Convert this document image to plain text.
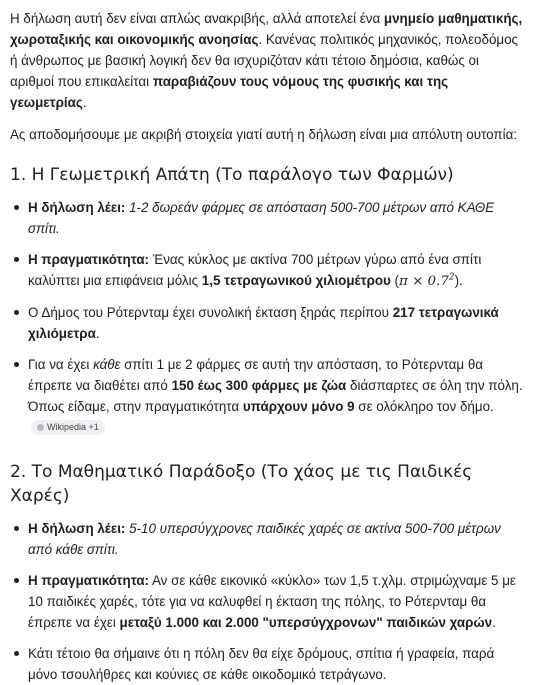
Η δήλωση αυτή δεν είναι απλώς ανακριβής, αλλά αποτελεί ένα μνημείο μαθηματικής, χωροταξικής και οικονομικής ανοησίας. Κανένας πολιτικός μηχανικός, πολεοδόμος ή άνθρωπος με βασική λογική δεν θα ισχυριζόταν κάτι τέτοιο δημόσια, καθώς οι αριθμοί που επικαλείται παραβιάζουν τους νόμους της φυσικής και της γεωμετρίας.

Ας αποδομήσουμε με ακριβή στοιχεία γιατί αυτή η δήλωση είναι μια απόλυτη ουτοπία:

1. Η Γεωμετρική Απάτη (Το παράλογο των Φαρμών)
Η δήλωση λέει: 1-2 δωρεάν φάρμες σε απόσταση 500-700 μέτρων από ΚΑΘΕ σπίτι.
Η πραγματικότητα: Ένας κύκλος με ακτίνα 700 μέτρων γύρω από ένα σπίτι καλύπτει μια επιφάνεια μόλις 1,5 τετραγωνικού χιλιομέτρου $(\pi \times 0.7^2)$.
Ο Δήμος του Ρότερνταμ έχει συνολική έκταση ξηράς περίπου 217 τετραγωνικά χιλιόμετρα.
Για να έχει κάθε σπίτι 1 με 2 φάρμες σε αυτή την απόσταση, το Ρότερνταμ θα έπρεπε να διαθέτει από 150 έως 300 φάρμες με ζώα διάσπαρτες σε όλη την πόλη. Όπως είδαμε, στην πραγματικότητα υπάρχουν μόνο 9 σε ολόκληρο τον δήμο.
Wikipedia +1
2. Το Μαθηματικό Παράδοξο (Το χάος με τις Παιδικές Χαρές)
Η δήλωση λέει: 5-10 υπερσύγχρονες παιδικές χαρές σε ακτίνα 500-700 μέτρων από κάθε σπίτι.
Η πραγματικότητα: Αν σε κάθε εικονικό «κύκλο» των 1,5 τ.χλμ. στριμώχναμε 5 με 10 παιδικές χαρές, τότε για να καλυφθεί η έκταση της πόλης, το Ρότερνταμ θα έπρεπε να έχει μεταξύ 1.000 και 2.000 "υπερσύγχρονων" παιδικών χαρών.
Κάτι τέτοιο θα σήμαινε ότι η πόλη δεν θα είχε δρόμους, σπίτια ή γραφεία, παρά μόνο τσουλήθρες και κούνιες σε κάθε οικοδομικό τετράγωνο.
